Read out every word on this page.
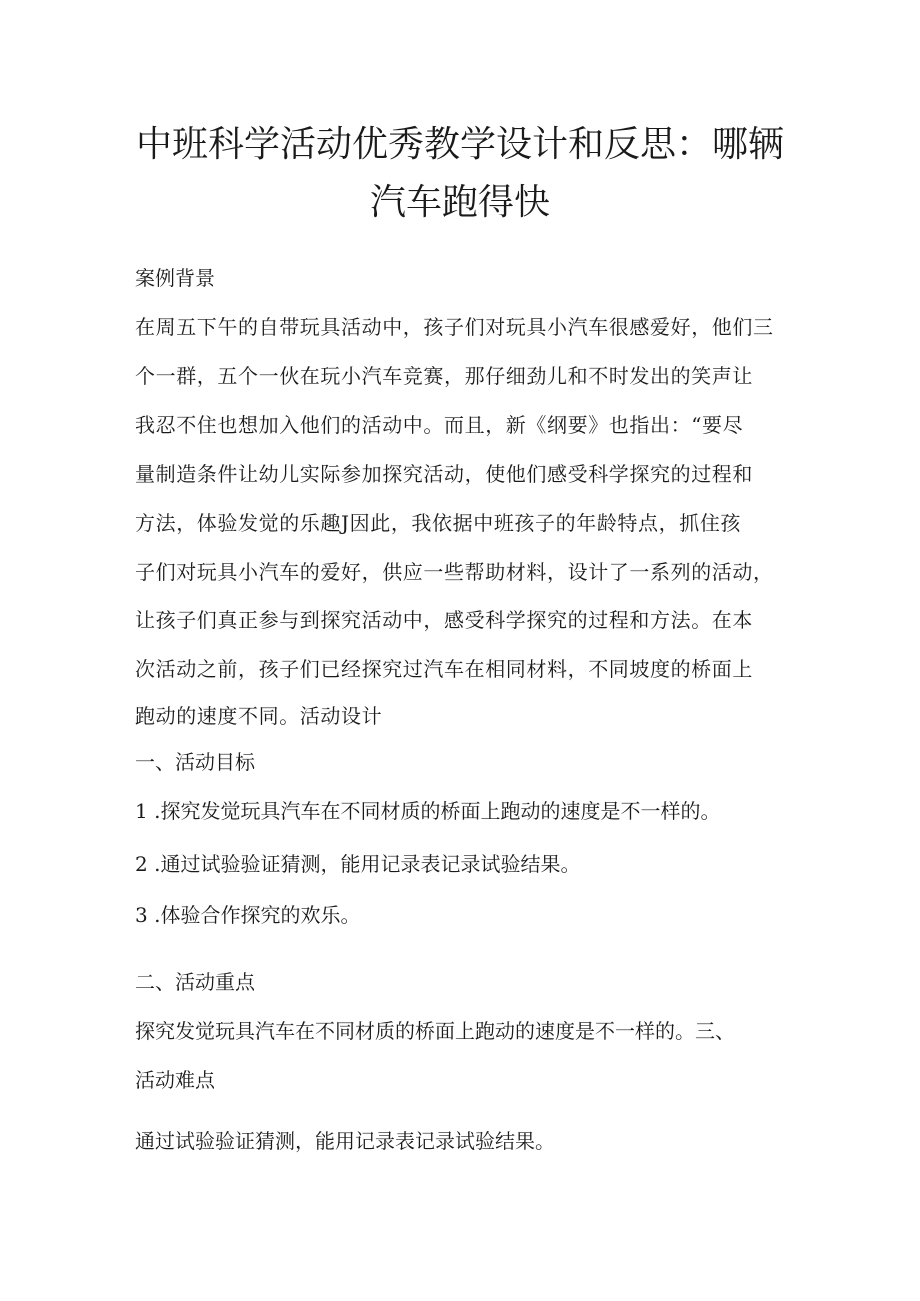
中班科学活动优秀教学设计和反思：哪辆
汽车跑得快

案例背景

在周五下午的自带玩具活动中，孩子们对玩具小汽车很感爱好，他们三

个一群，五个一伙在玩小汽车竞赛，那仔细劲儿和不时发出的笑声让

我忍不住也想加入他们的活动中。而且，新《纲要》也指出：“要尽

量制造条件让幼儿实际参加探究活动，使他们感受科学探究的过程和

方法，体验发觉的乐趣J因此，我依据中班孩子的年龄特点，抓住孩

子们对玩具小汽车的爱好，供应一些帮助材料，设计了一系列的活动，

让孩子们真正参与到探究活动中，感受科学探究的过程和方法。在本

次活动之前，孩子们已经探究过汽车在相同材料，不同坡度的桥面上

跑动的速度不同。活动设计

一、活动目标

1 .探究发觉玩具汽车在不同材质的桥面上跑动的速度是不一样的。

2 .通过试验验证猜测，能用记录表记录试验结果。

3 .体验合作探究的欢乐。

二、活动重点

探究发觉玩具汽车在不同材质的桥面上跑动的速度是不一样的。三、

活动难点

通过试验验证猜测，能用记录表记录试验结果。
